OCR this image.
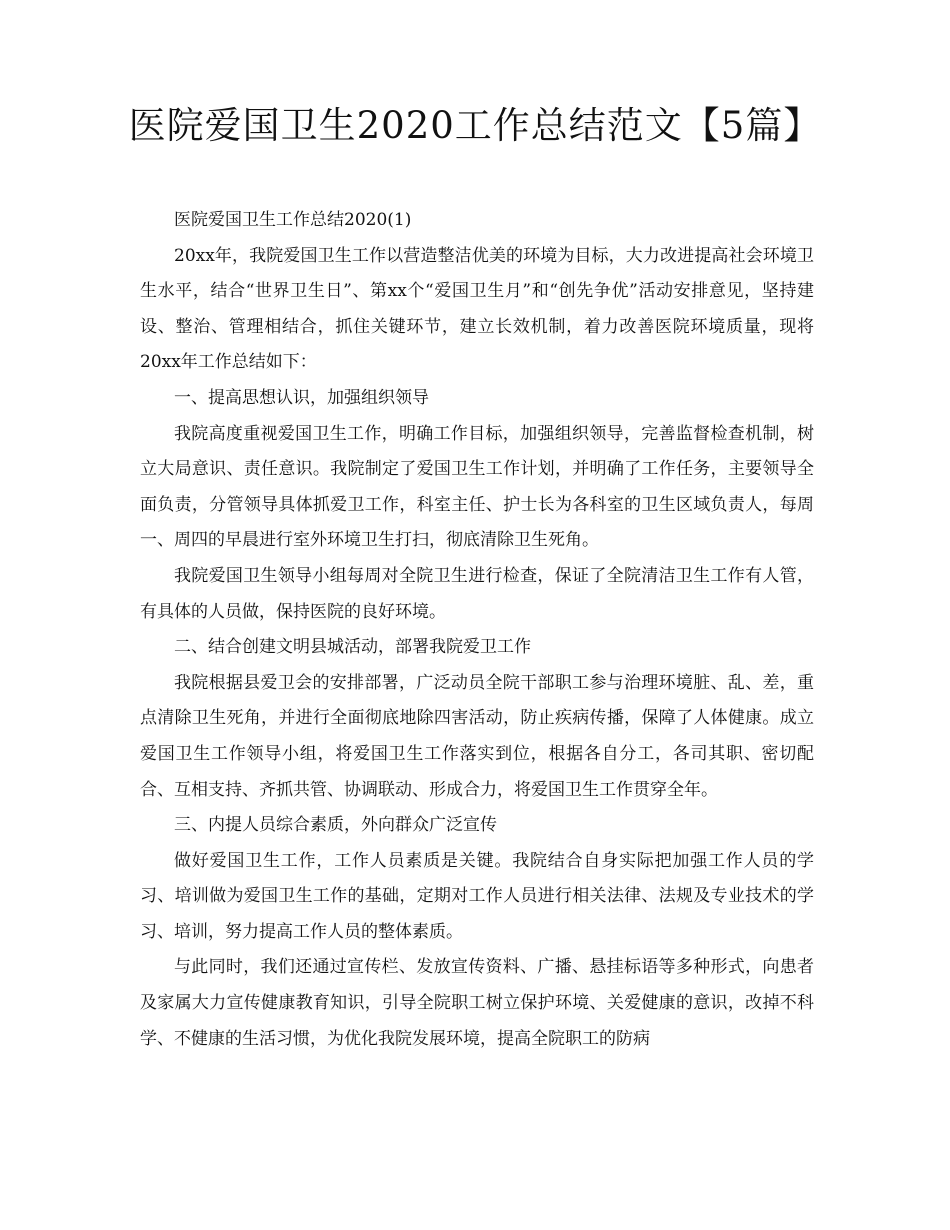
医院爱国卫生2020工作总结范文【5篇】

医院爱国卫生工作总结2020(1)

20xx年，我院爱国卫生工作以营造整洁优美的环境为目标，大力改进提高社会环境卫生水平，结合“世界卫生日”、第xx个“爱国卫生月”和“创先争优”活动安排意见，坚持建设、整治、管理相结合，抓住关键环节，建立长效机制，着力改善医院环境质量，现将20xx年工作总结如下：

一、提高思想认识，加强组织领导

我院高度重视爱国卫生工作，明确工作目标，加强组织领导，完善监督检查机制，树立大局意识、责任意识。我院制定了爱国卫生工作计划，并明确了工作任务，主要领导全面负责，分管领导具体抓爱卫工作，科室主任、护士长为各科室的卫生区域负责人，每周一、周四的早晨进行室外环境卫生打扫，彻底清除卫生死角。

我院爱国卫生领导小组每周对全院卫生进行检查，保证了全院清洁卫生工作有人管，有具体的人员做，保持医院的良好环境。

二、结合创建文明县城活动，部署我院爱卫工作

我院根据县爱卫会的安排部署，广泛动员全院干部职工参与治理环境脏、乱、差，重点清除卫生死角，并进行全面彻底地除四害活动，防止疾病传播，保障了人体健康。成立爱国卫生工作领导小组，将爱国卫生工作落实到位，根据各自分工，各司其职、密切配合、互相支持、齐抓共管、协调联动、形成合力，将爱国卫生工作贯穿全年。

三、内提人员综合素质，外向群众广泛宣传

做好爱国卫生工作，工作人员素质是关键。我院结合自身实际把加强工作人员的学习、培训做为爱国卫生工作的基础，定期对工作人员进行相关法律、法规及专业技术的学习、培训，努力提高工作人员的整体素质。

与此同时，我们还通过宣传栏、发放宣传资料、广播、悬挂标语等多种形式，向患者及家属大力宣传健康教育知识，引导全院职工树立保护环境、关爱健康的意识，改掉不科学、不健康的生活习惯，为优化我院发展环境，提高全院职工的防病
